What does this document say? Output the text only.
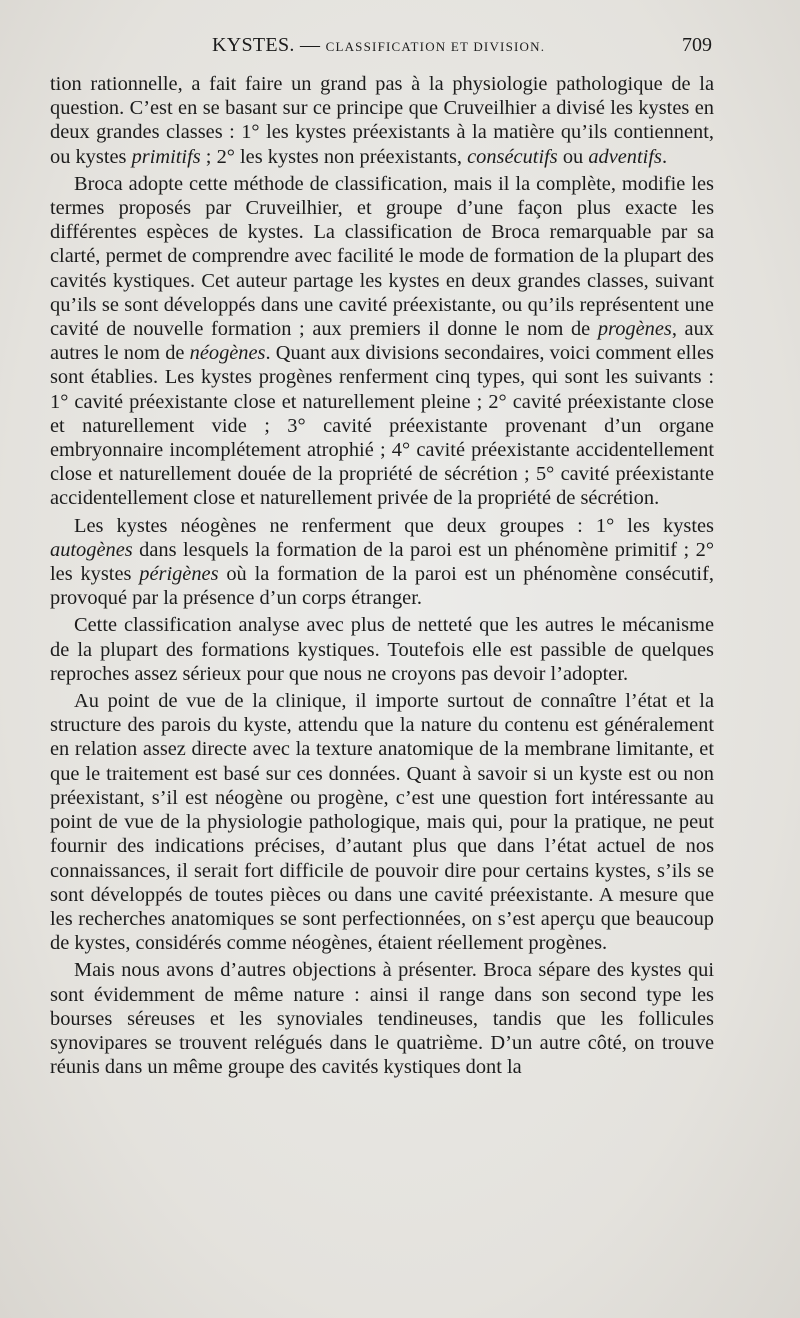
KYSTES. — CLASSIFICATION ET DIVISION.	709

tion rationnelle, a fait faire un grand pas à la physiologie pathologique de la question. C’est en se basant sur ce principe que Cruveilhier a divisé les kystes en deux grandes classes : 1° les kystes préexistants à la matière qu’ils contiennent, ou kystes primitifs ; 2° les kystes non préexistants, consécutifs ou adventifs.

Broca adopte cette méthode de classification, mais il la complète, modifie les termes proposés par Cruveilhier, et groupe d’une façon plus exacte les différentes espèces de kystes. La classification de Broca remarquable par sa clarté, permet de comprendre avec facilité le mode de formation de la plupart des cavités kystiques. Cet auteur partage les kystes en deux grandes classes, suivant qu’ils se sont développés dans une cavité préexistante, ou qu’ils représentent une cavité de nouvelle formation ; aux premiers il donne le nom de progènes, aux autres le nom de néogènes. Quant aux divisions secondaires, voici comment elles sont établies. Les kystes progènes renferment cinq types, qui sont les suivants : 1° cavité préexistante close et naturellement pleine ; 2° cavité préexistante close et naturellement vide ; 3° cavité préexistante provenant d’un organe embryonnaire incomplétement atrophié ; 4° cavité préexistante accidentellement close et naturellement douée de la propriété de sécrétion ; 5° cavité préexistante accidentellement close et naturellement privée de la propriété de sécrétion.

Les kystes néogènes ne renferment que deux groupes : 1° les kystes autogènes dans lesquels la formation de la paroi est un phénomène primitif ; 2° les kystes périgènes où la formation de la paroi est un phénomène consécutif, provoqué par la présence d’un corps étranger.

Cette classification analyse avec plus de netteté que les autres le mécanisme de la plupart des formations kystiques. Toutefois elle est passible de quelques reproches assez sérieux pour que nous ne croyons pas devoir l’adopter.

Au point de vue de la clinique, il importe surtout de connaître l’état et la structure des parois du kyste, attendu que la nature du contenu est généralement en relation assez directe avec la texture anatomique de la membrane limitante, et que le traitement est basé sur ces données. Quant à savoir si un kyste est ou non préexistant, s’il est néogène ou progène, c’est une question fort intéressante au point de vue de la physiologie pathologique, mais qui, pour la pratique, ne peut fournir des indications précises, d’autant plus que dans l’état actuel de nos connaissances, il serait fort difficile de pouvoir dire pour certains kystes, s’ils se sont développés de toutes pièces ou dans une cavité préexistante. A mesure que les recherches anatomiques se sont perfectionnées, on s’est aperçu que beaucoup de kystes, considérés comme néogènes, étaient réellement progènes.

Mais nous avons d’autres objections à présenter. Broca sépare des kystes qui sont évidemment de même nature : ainsi il range dans son second type les bourses séreuses et les synoviales tendineuses, tandis que les follicules synovipares se trouvent relégués dans le quatrième. D’un autre côté, on trouve réunis dans un même groupe des cavités kystiques dont la
